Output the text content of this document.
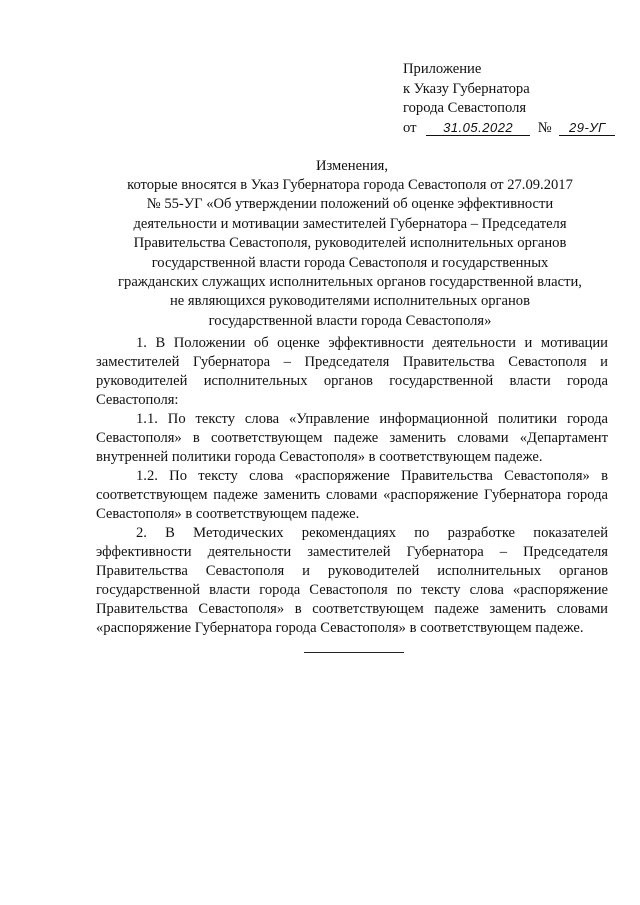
Приложение
к Указу Губернатора
города Севастополя
от 31.05.2022 № 29-УГ
Изменения,
которые вносятся в Указ Губернатора города Севастополя от 27.09.2017
№ 55-УГ «Об утверждении положений об оценке эффективности
деятельности и мотивации заместителей Губернатора – Председателя
Правительства Севастополя, руководителей исполнительных органов
государственной власти города Севастополя и государственных
гражданских служащих исполнительных органов государственной власти,
не являющихся руководителями исполнительных органов
государственной власти города Севастополя»

1. В Положении об оценке эффективности деятельности и мотивации заместителей Губернатора – Председателя Правительства Севастополя и руководителей исполнительных органов государственной власти города Севастополя:

1.1. По тексту слова «Управление информационной политики города Севастополя» в соответствующем падеже заменить словами «Департамент внутренней политики города Севастополя» в соответствующем падеже.

1.2. По тексту слова «распоряжение Правительства Севастополя» в соответствующем падеже заменить словами «распоряжение Губернатора города Севастополя» в соответствующем падеже.

2. В Методических рекомендациях по разработке показателей эффективности деятельности заместителей Губернатора – Председателя Правительства Севастополя и руководителей исполнительных органов государственной власти города Севастополя по тексту слова «распоряжение Правительства Севастополя» в соответствующем падеже заменить словами «распоряжение Губернатора города Севастополя» в соответствующем падеже.
